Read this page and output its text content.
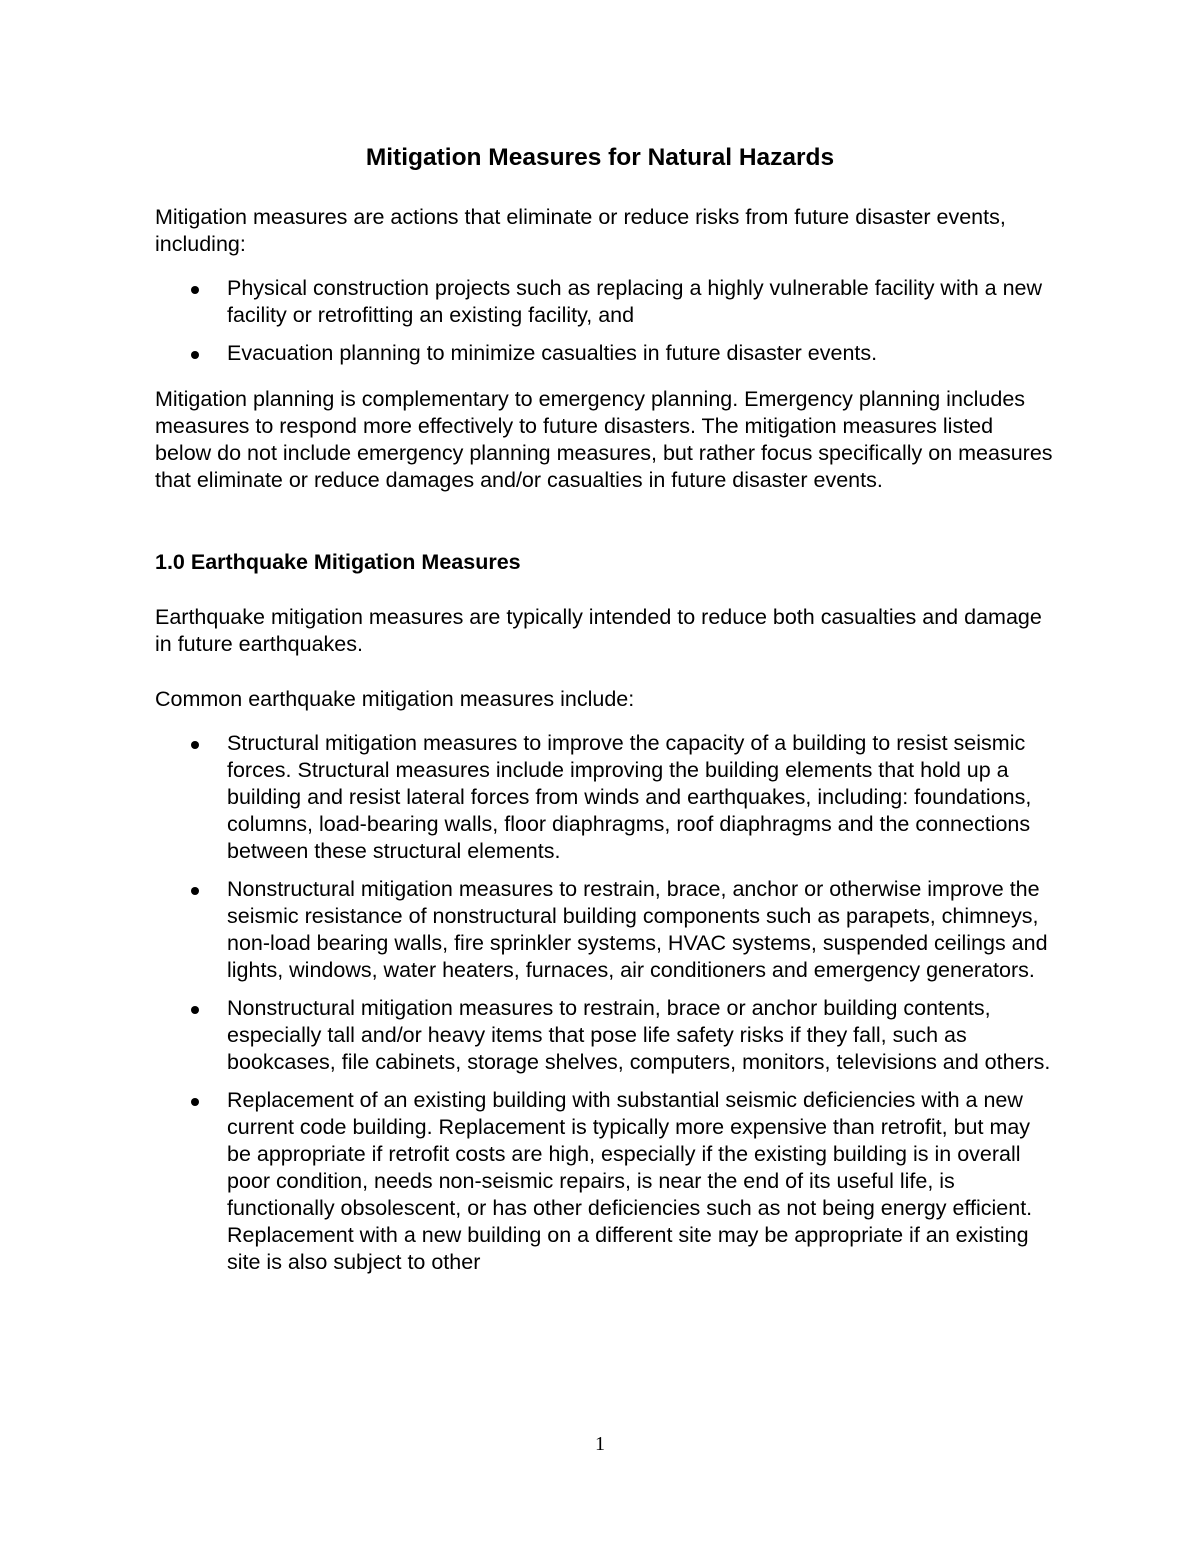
Mitigation Measures for Natural Hazards

Mitigation measures are actions that eliminate or reduce risks from future disaster events, including:

Physical construction projects such as replacing a highly vulnerable facility with a new facility or retrofitting an existing facility, and
Evacuation planning to minimize casualties in future disaster events.

Mitigation planning is complementary to emergency planning. Emergency planning includes measures to respond more effectively to future disasters. The mitigation measures listed below do not include emergency planning measures, but rather focus specifically on measures that eliminate or reduce damages and/or casualties in future disaster events.

1.0 Earthquake Mitigation Measures

Earthquake mitigation measures are typically intended to reduce both casualties and damage in future earthquakes.

Common earthquake mitigation measures include:

Structural mitigation measures to improve the capacity of a building to resist seismic forces. Structural measures include improving the building elements that hold up a building and resist lateral forces from winds and earthquakes, including: foundations, columns, load-bearing walls, floor diaphragms, roof diaphragms and the connections between these structural elements.
Nonstructural mitigation measures to restrain, brace, anchor or otherwise improve the seismic resistance of nonstructural building components such as parapets, chimneys, non-load bearing walls, fire sprinkler systems, HVAC systems, suspended ceilings and lights, windows, water heaters, furnaces, air conditioners and emergency generators.
Nonstructural mitigation measures to restrain, brace or anchor building contents, especially tall and/or heavy items that pose life safety risks if they fall, such as bookcases, file cabinets, storage shelves, computers, monitors, televisions and others.
Replacement of an existing building with substantial seismic deficiencies with a new current code building. Replacement is typically more expensive than retrofit, but may be appropriate if retrofit costs are high, especially if the existing building is in overall poor condition, needs non-seismic repairs, is near the end of its useful life, is functionally obsolescent, or has other deficiencies such as not being energy efficient. Replacement with a new building on a different site may be appropriate if an existing site is also subject to other
1
